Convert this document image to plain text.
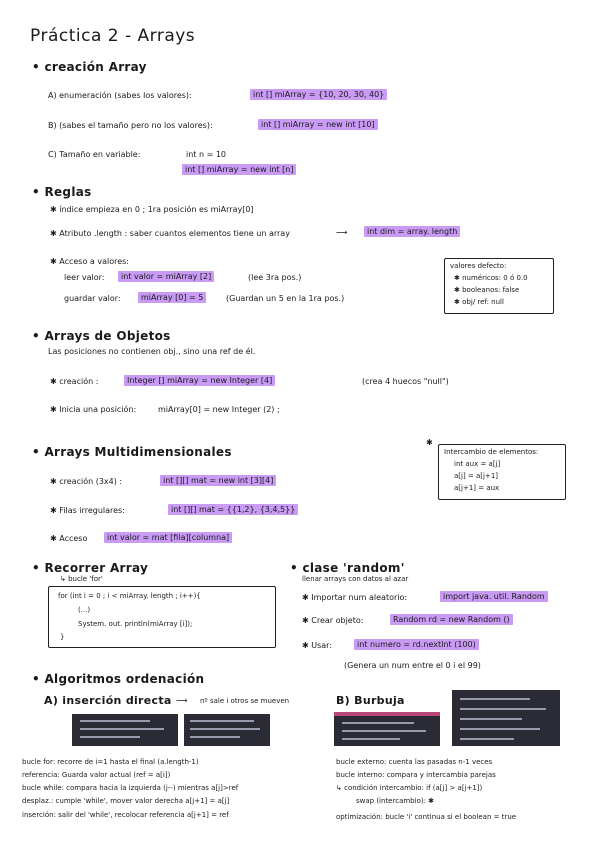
Práctica 2 - Arrays
• creación Array
A) enumeración (sabes los valores):	int [] miArray = {10, 20, 30, 40}
B) (sabes el tamaño pero no los valores):	int [] miArray = new int [10]
C) Tamaño en variable:	int n = 10
int [] miArray = new int [n]
• Reglas
✱ índice empieza en 0 ; 1ra posición es miArray[0]
✱ Atributo .length : saber cuantos elementos tiene un array	⟶	int dim = array. length
✱ Acceso a valores:
leer valor:	int valor = miArray [2]	(lee 3ra pos.)
guardar valor:	miArray [0] = 5	(Guardan un 5 en la 1ra pos.)
valores defecto:
✱ numéricos: 0 ó 0.0
✱ booleanos: false
✱ obj/ ref: null
• Arrays de Objetos
Las posiciones no contienen obj., sino una ref de él.
✱ creación :	Integer [] miArray = new Integer [4]	(crea 4 huecos "null")
✱ Inicia una posición:	miArray[0] = new Integer (2) ;
• Arrays Multidimensionales
✱ creación (3x4) :	int [][] mat = new int [3][4]
✱ Filas irregulares:	int [][] mat = {{1,2}, {3,4,5}}
✱ Acceso	int valor = mat [fila][columna]
✱
Intercambio de elementos:
int aux = a[j]
a[j] = a[j+1]
a[j+1] = aux
• Recorrer Array
↳ bucle 'for'
for (int i = 0 ; i < miArray. length ; i++){
(...)
System. out. println(miArray [i]);
}
• clase 'random'
llenar arrays con datos al azar
✱ Importar num aleatorio:	import java. util. Random
✱ Crear objeto:	Random rd = new Random ()
✱ Usar:	int numero = rd.nextInt (100)
(Genera un num entre el 0 i el 99)
• Algoritmos ordenación
A) inserción directa ⟶ nº sale i otros se mueven	B) Burbuja
bucle for: recorre de i=1 hasta el final (a.length-1)
referencia: Guarda valor actual (ref = a[i])
bucle while: compara hacia la izquierda (j--) mientras a[j]>ref
desplaz.: cumple 'while', mover valor derecha a[j+1] = a[j]
inserción: salir del 'while', recolocar referencia a[j+1] = ref
bucle externo: cuenta las pasadas n-1 veces
bucle interno: compara y intercambia parejas
↳ condición intercambio: if (a[j] > a[j+1])
swap (intercambio): ✱
optimización: bucle 'i' continua si el boolean = true
